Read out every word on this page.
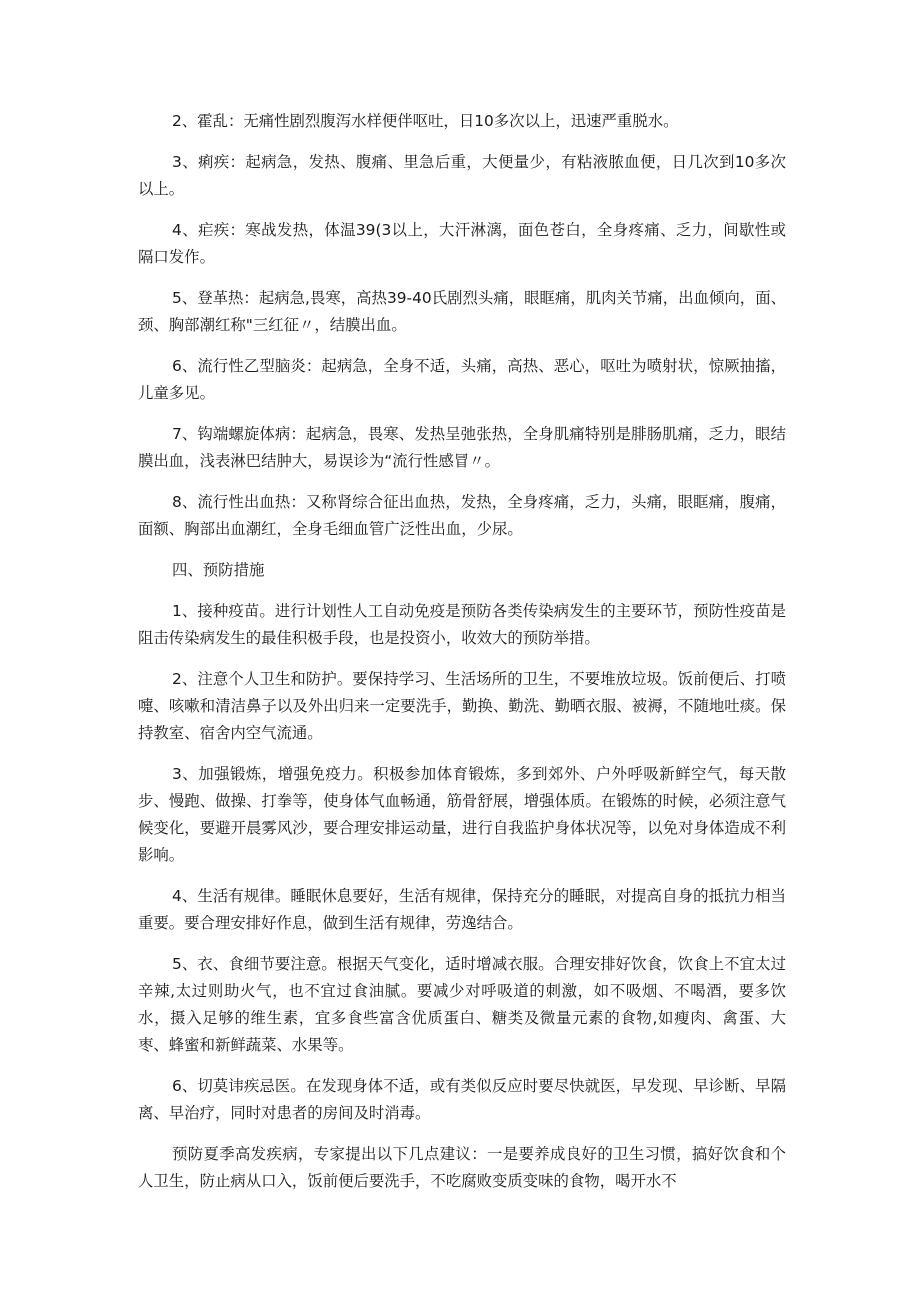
2、霍乱：无痛性剧烈腹泻水样便伴呕吐，日10多次以上，迅速严重脱水。

3、痢疾：起病急，发热、腹痛、里急后重，大便量少，有粘液脓血便，日几次到10多次以上。

4、疟疾：寒战发热，体温39(3以上，大汗淋漓，面色苍白，全身疼痛、乏力，间歇性或隔口发作。

5、登革热：起病急,畏寒，高热39-40氏剧烈头痛，眼眶痛，肌肉关节痛，出血倾向，面、颈、胸部潮红称"三红征〃，结膜出血。

6、流行性乙型脑炎：起病急，全身不适，头痛，高热、恶心，呕吐为喷射状，惊厥抽搐，儿童多见。

7、钩端螺旋体病：起病急，畏寒、发热呈弛张热，全身肌痛特别是腓肠肌痛，乏力，眼结膜出血，浅表淋巴结肿大，易误诊为“流行性感冒〃。

8、流行性出血热：又称肾综合征出血热，发热，全身疼痛，乏力，头痛，眼眶痛，腹痛，面额、胸部出血潮红，全身毛细血管广泛性出血，少尿。

四、预防措施

1、接种疫苗。进行计划性人工自动免疫是预防各类传染病发生的主要环节，预防性疫苗是阻击传染病发生的最佳积极手段，也是投资小，收效大的预防举措。

2、注意个人卫生和防护。要保持学习、生活场所的卫生，不要堆放垃圾。饭前便后、打喷嚏、咳嗽和清洁鼻子以及外出归来一定要洗手，勤换、勤洗、勤晒衣服、被褥，不随地吐痰。保持教室、宿舍内空气流通。

3、加强锻炼，增强免疫力。积极参加体育锻炼，多到郊外、户外呼吸新鲜空气，每天散步、慢跑、做操、打拳等，使身体气血畅通，筋骨舒展，增强体质。在锻炼的时候，必须注意气候变化，要避开晨雾风沙，要合理安排运动量，进行自我监护身体状况等，以免对身体造成不利影响。

4、生活有规律。睡眠休息要好，生活有规律，保持充分的睡眠，对提高自身的抵抗力相当重要。要合理安排好作息，做到生活有规律，劳逸结合。

5、衣、食细节要注意。根据天气变化，适时增减衣服。合理安排好饮食，饮食上不宜太过辛辣,太过则助火气，也不宜过食油腻。要减少对呼吸道的刺激，如不吸烟、不喝酒，要多饮水，摄入足够的维生素，宜多食些富含优质蛋白、糖类及微量元素的食物,如瘦肉、禽蛋、大枣、蜂蜜和新鲜蔬菜、水果等。

6、切莫讳疾忌医。在发现身体不适，或有类似反应时要尽快就医，早发现、早诊断、早隔离、早治疗，同时对患者的房间及时消毒。

预防夏季高发疾病，专家提出以下几点建议：一是要养成良好的卫生习惯，搞好饮食和个人卫生，防止病从口入，饭前便后要洗手，不吃腐败变质变味的食物，喝开水不
